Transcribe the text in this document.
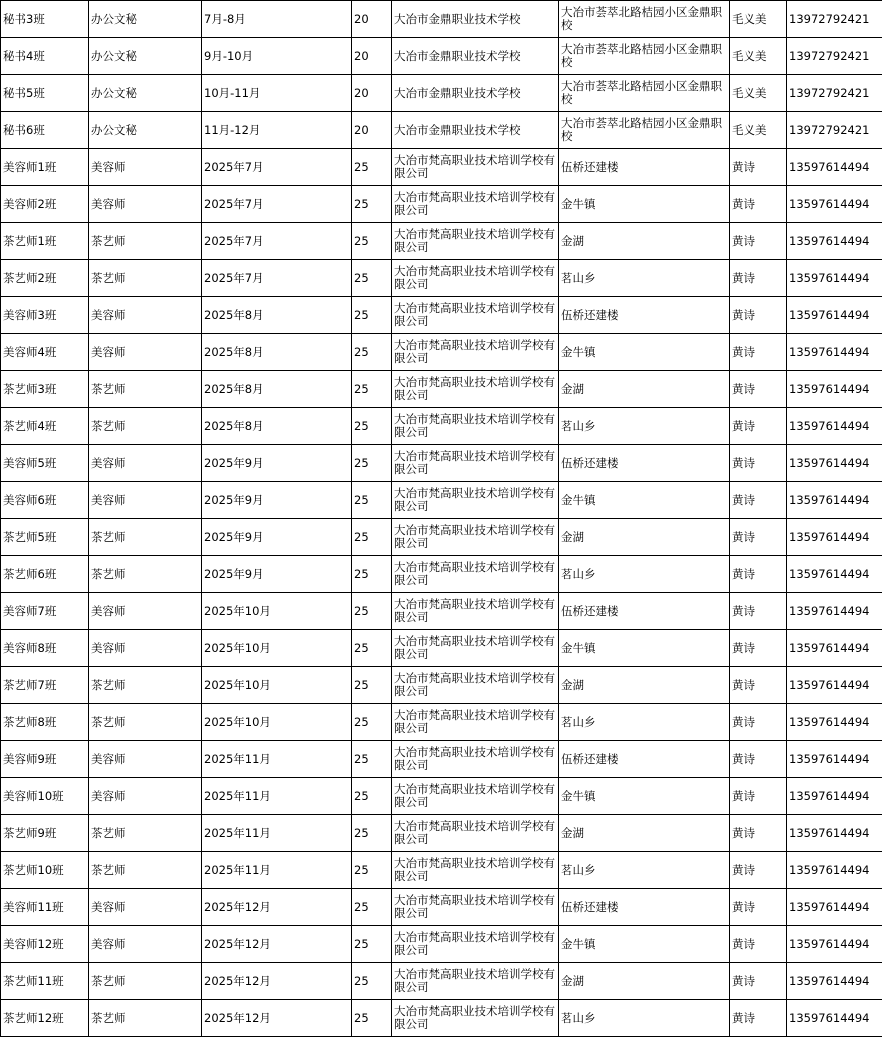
秘书3班	办公文秘	7月-8月	20	大冶市金鼎职业技术学校	大冶市荟萃北路桔园小区金鼎职校	毛义美	13972792421
秘书4班	办公文秘	9月-10月	20	大冶市金鼎职业技术学校	大冶市荟萃北路桔园小区金鼎职校	毛义美	13972792421
秘书5班	办公文秘	10月-11月	20	大冶市金鼎职业技术学校	大冶市荟萃北路桔园小区金鼎职校	毛义美	13972792421
秘书6班	办公文秘	11月-12月	20	大冶市金鼎职业技术学校	大冶市荟萃北路桔园小区金鼎职校	毛义美	13972792421
美容师1班	美容师	2025年7月	25	大冶市梵高职业技术培训学校有限公司	伍桥还建楼	黄诗	13597614494
美容师2班	美容师	2025年7月	25	大冶市梵高职业技术培训学校有限公司	金牛镇	黄诗	13597614494
茶艺师1班	茶艺师	2025年7月	25	大冶市梵高职业技术培训学校有限公司	金湖	黄诗	13597614494
茶艺师2班	茶艺师	2025年7月	25	大冶市梵高职业技术培训学校有限公司	茗山乡	黄诗	13597614494
美容师3班	美容师	2025年8月	25	大冶市梵高职业技术培训学校有限公司	伍桥还建楼	黄诗	13597614494
美容师4班	美容师	2025年8月	25	大冶市梵高职业技术培训学校有限公司	金牛镇	黄诗	13597614494
茶艺师3班	茶艺师	2025年8月	25	大冶市梵高职业技术培训学校有限公司	金湖	黄诗	13597614494
茶艺师4班	茶艺师	2025年8月	25	大冶市梵高职业技术培训学校有限公司	茗山乡	黄诗	13597614494
美容师5班	美容师	2025年9月	25	大冶市梵高职业技术培训学校有限公司	伍桥还建楼	黄诗	13597614494
美容师6班	美容师	2025年9月	25	大冶市梵高职业技术培训学校有限公司	金牛镇	黄诗	13597614494
茶艺师5班	茶艺师	2025年9月	25	大冶市梵高职业技术培训学校有限公司	金湖	黄诗	13597614494
茶艺师6班	茶艺师	2025年9月	25	大冶市梵高职业技术培训学校有限公司	茗山乡	黄诗	13597614494
美容师7班	美容师	2025年10月	25	大冶市梵高职业技术培训学校有限公司	伍桥还建楼	黄诗	13597614494
美容师8班	美容师	2025年10月	25	大冶市梵高职业技术培训学校有限公司	金牛镇	黄诗	13597614494
茶艺师7班	茶艺师	2025年10月	25	大冶市梵高职业技术培训学校有限公司	金湖	黄诗	13597614494
茶艺师8班	茶艺师	2025年10月	25	大冶市梵高职业技术培训学校有限公司	茗山乡	黄诗	13597614494
美容师9班	美容师	2025年11月	25	大冶市梵高职业技术培训学校有限公司	伍桥还建楼	黄诗	13597614494
美容师10班	美容师	2025年11月	25	大冶市梵高职业技术培训学校有限公司	金牛镇	黄诗	13597614494
茶艺师9班	茶艺师	2025年11月	25	大冶市梵高职业技术培训学校有限公司	金湖	黄诗	13597614494
茶艺师10班	茶艺师	2025年11月	25	大冶市梵高职业技术培训学校有限公司	茗山乡	黄诗	13597614494
美容师11班	美容师	2025年12月	25	大冶市梵高职业技术培训学校有限公司	伍桥还建楼	黄诗	13597614494
美容师12班	美容师	2025年12月	25	大冶市梵高职业技术培训学校有限公司	金牛镇	黄诗	13597614494
茶艺师11班	茶艺师	2025年12月	25	大冶市梵高职业技术培训学校有限公司	金湖	黄诗	13597614494
茶艺师12班	茶艺师	2025年12月	25	大冶市梵高职业技术培训学校有限公司	茗山乡	黄诗	13597614494
